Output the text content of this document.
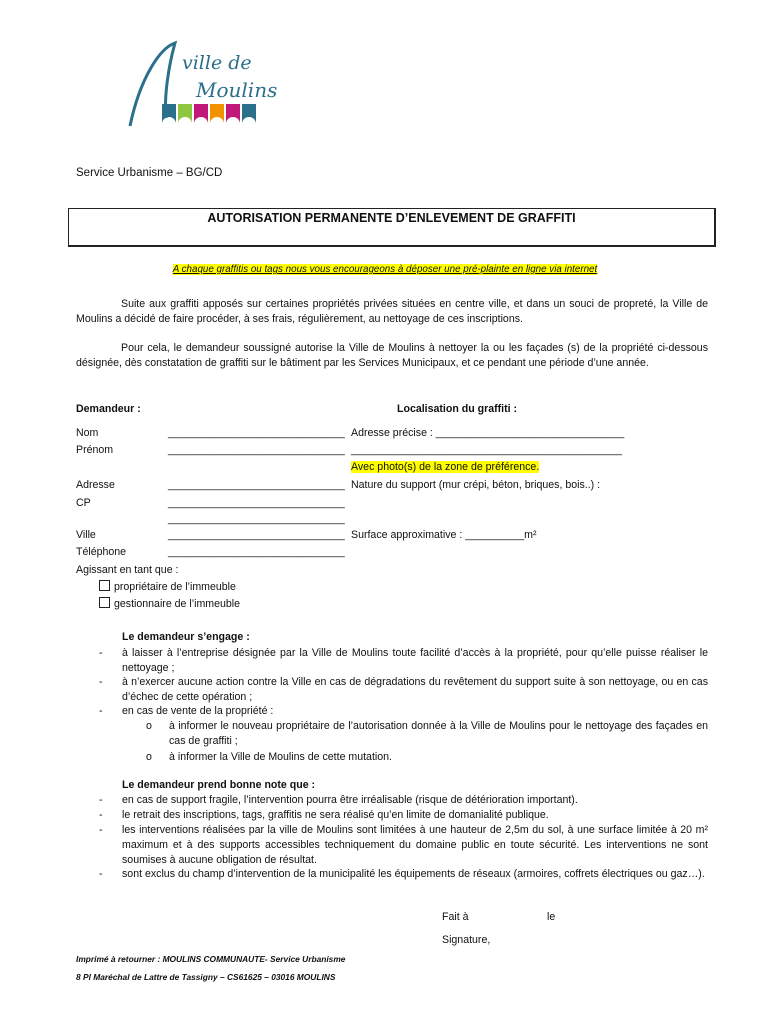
ville de
Moulins
Service Urbanisme – BG/CD
AUTORISATION PERMANENTE D’ENLEVEMENT DE GRAFFITI
A chaque graffitis ou tags nous vous encourageons à déposer une pré-plainte en ligne via internet
Suite aux graffiti apposés sur certaines propriétés privées situées en centre ville, et dans un souci de propreté, la Ville de Moulins a décidé de faire procéder, à ses frais, régulièrement, au nettoyage de ces inscriptions.
Pour cela, le demandeur soussigné autorise la Ville de Moulins à nettoyer la ou les façades (s) de la propriété ci-dessous désignée, dès constatation de graffiti sur le bâtiment par les Services Municipaux, et ce pendant une période d’une année.
Demandeur :
Nom	______________________________
Prénom	______________________________
Adresse	______________________________
CP	______________________________
______________________________
Ville	______________________________
Téléphone	______________________________
Agissant en tant que :
propriétaire de l’immeuble
gestionnaire de l’immeuble
Localisation du graffiti :
Adresse précise : ________________________________
______________________________________________
Avec photo(s) de la zone de préférence.
Nature du support (mur crépi, béton, briques, bois..) :
Surface approximative : __________m²
Le demandeur s’engage :
- à laisser à l’entreprise désignée par la Ville de Moulins toute facilité d’accès à la propriété, pour qu’elle puisse réaliser le nettoyage ;
- à n’exercer aucune action contre la Ville en cas de dégradations du revêtement du support suite à son nettoyage, ou en cas d’échec de cette opération ;
- en cas de vente de la propriété :
o à informer le nouveau propriétaire de l’autorisation donnée à la Ville de Moulins pour le nettoyage des façades en cas de graffiti ;
o à informer la Ville de Moulins de cette mutation.
Le demandeur prend bonne note que :
- en cas de support fragile, l’intervention pourra être irréalisable (risque de détérioration important).
- le retrait des inscriptions, tags, graffitis ne sera réalisé qu’en limite de domanialité publique.
- les interventions réalisées par la ville de Moulins sont limitées à une hauteur de 2,5m du sol, à une surface limitée à 20 m² maximum et à des supports accessibles techniquement du domaine public en toute sécurité. Les interventions ne sont soumises à aucune obligation de résultat.
- sont exclus du champ d’intervention de la municipalité les équipements de réseaux (armoires, coffrets électriques ou gaz…).
Fait à	le
Signature,
Imprimé à retourner : MOULINS COMMUNAUTE- Service Urbanisme
8 Pl Maréchal de Lattre de Tassigny – CS61625 – 03016 MOULINS
